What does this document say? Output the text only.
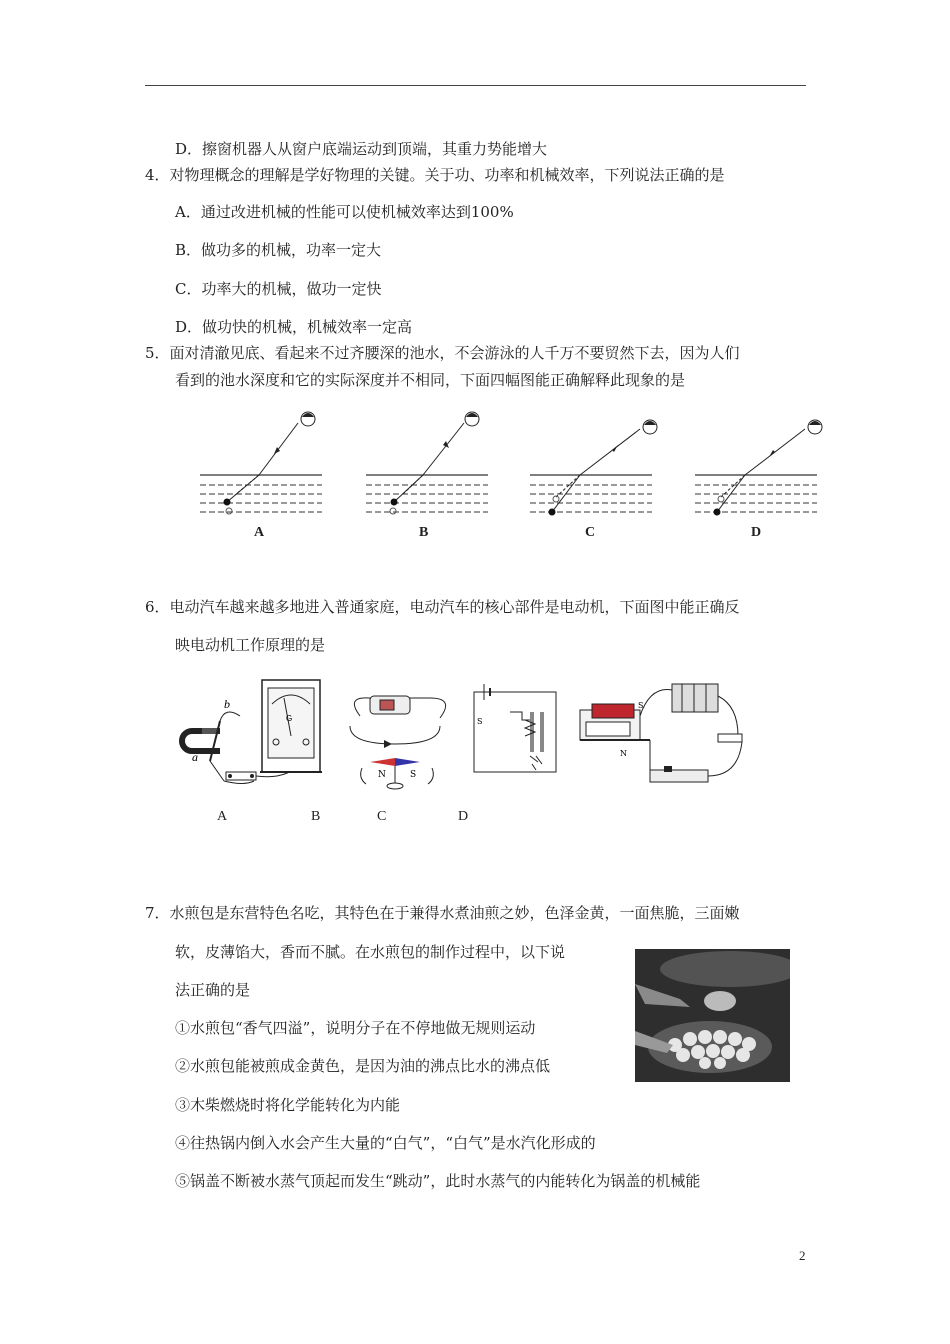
D．擦窗机器人从窗户底端运动到顶端，其重力势能增大
4．对物理概念的理解是学好物理的关键。关于功、功率和机械效率，下列说法正确的是
A．通过改进机械的性能可以使机械效率达到100%
B．做功多的机械，功率一定大
C．功率大的机械，做功一定快
D．做功快的机械，机械效率一定高
5．面对清澈见底、看起来不过齐腰深的池水，不会游泳的人千万不要贸然下去，因为人们
看到的池水深度和它的实际深度并不相同，下面四幅图能正确解释此现象的是
A	B	C	D
6．电动汽车越来越多地进入普通家庭，电动汽车的核心部件是电动机，下面图中能正确反
映电动机工作原理的是
b
a
G
N	S
S
S
N
A	B	C	D
7．水煎包是东营特色名吃，其特色在于兼得水煮油煎之妙，色泽金黄，一面焦脆，三面嫩
软，皮薄馅大，香而不腻。在水煎包的制作过程中，以下说
法正确的是
①水煎包“香气四溢”，说明分子在不停地做无规则运动
②水煎包能被煎成金黄色，是因为油的沸点比水的沸点低
③木柴燃烧时将化学能转化为内能
④往热锅内倒入水会产生大量的“白气”，“白气”是水汽化形成的
⑤锅盖不断被水蒸气顶起而发生“跳动”，此时水蒸气的内能转化为锅盖的机械能
2
